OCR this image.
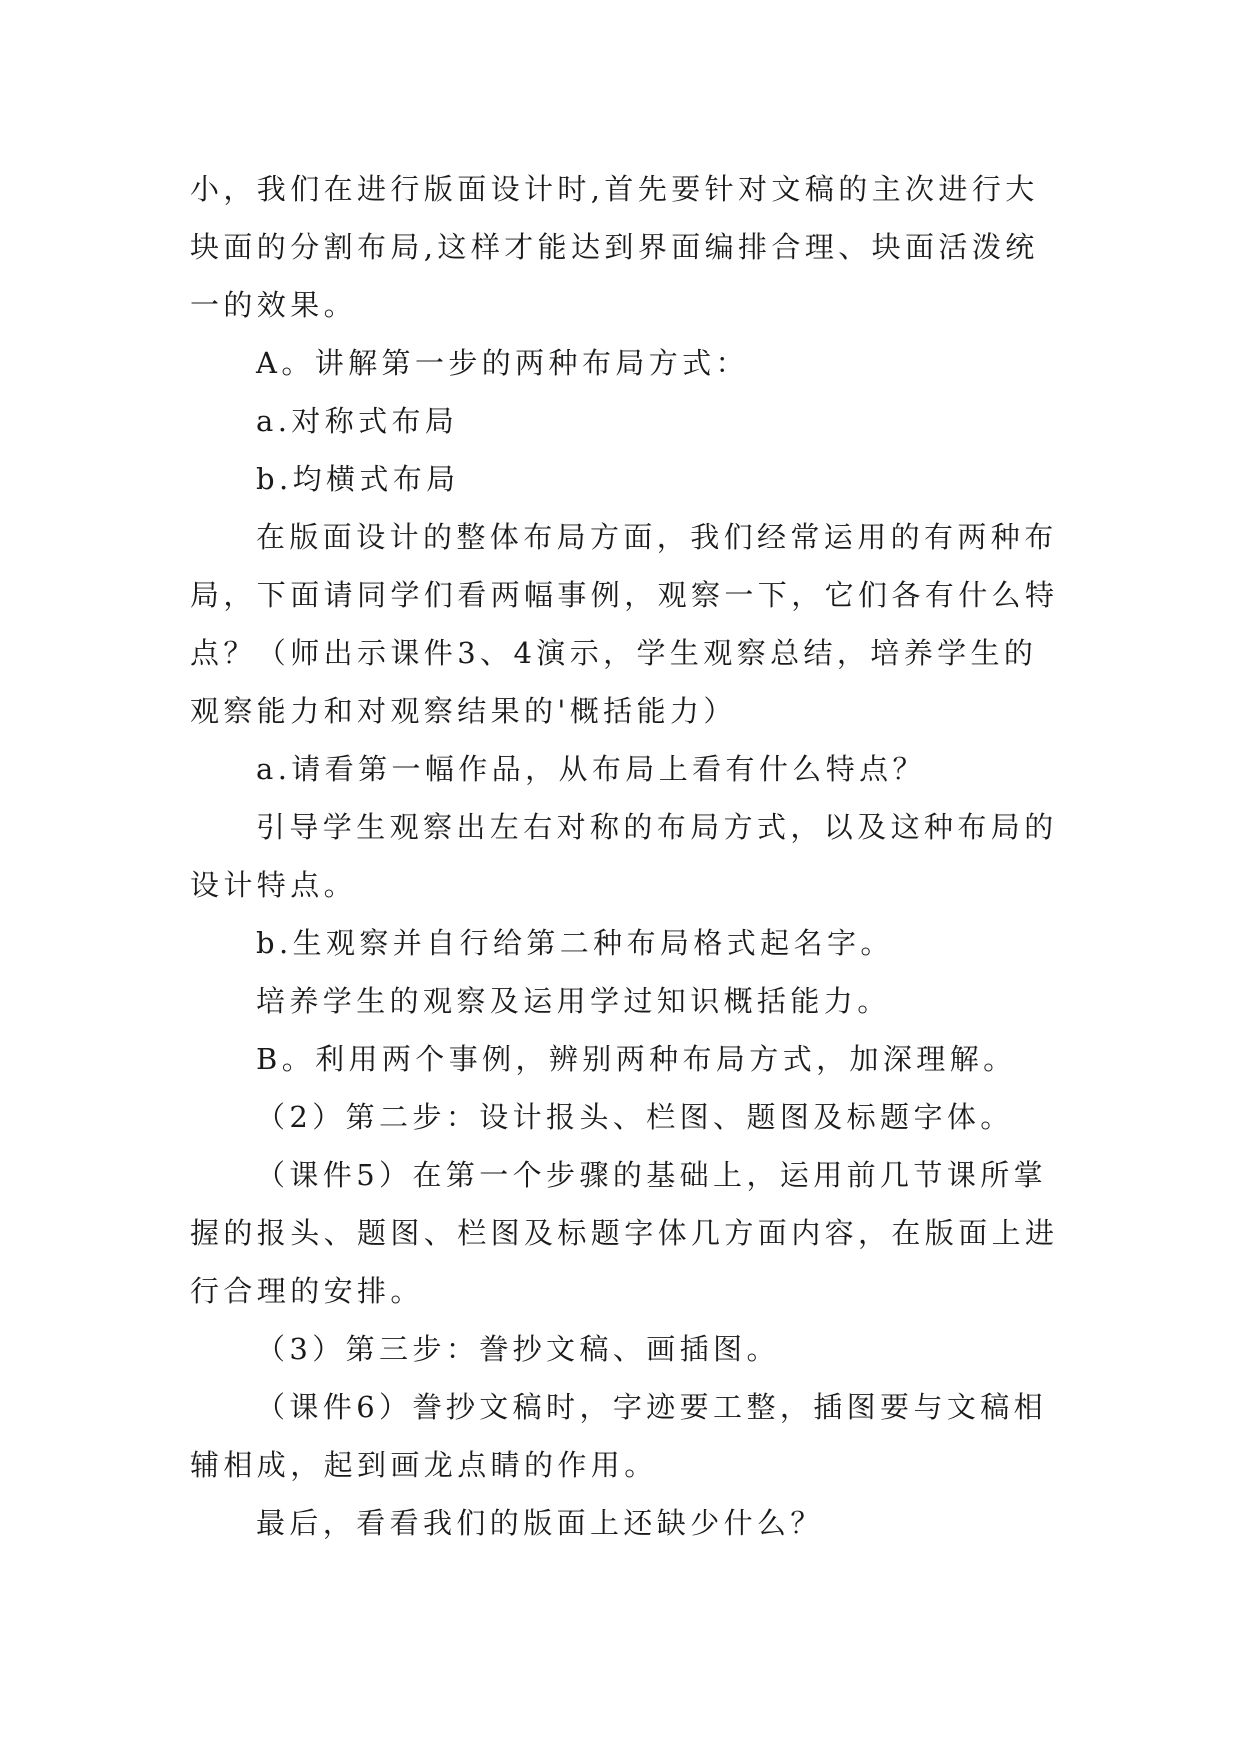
小，我们在进行版面设计时,首先要针对文稿的主次进行大块面的分割布局,这样才能达到界面编排合理、块面活泼统一的效果。

A。讲解第一步的两种布局方式：

a.对称式布局

b.均横式布局

在版面设计的整体布局方面，我们经常运用的有两种布局，下面请同学们看两幅事例，观察一下，它们各有什么特点？（师出示课件3、4演示，学生观察总结，培养学生的观察能力和对观察结果的'概括能力）

a.请看第一幅作品，从布局上看有什么特点？

引导学生观察出左右对称的布局方式，以及这种布局的设计特点。

b.生观察并自行给第二种布局格式起名字。

培养学生的观察及运用学过知识概括能力。

B。利用两个事例，辨别两种布局方式，加深理解。

（2）第二步：设计报头、栏图、题图及标题字体。

（课件5）在第一个步骤的基础上，运用前几节课所掌握的报头、题图、栏图及标题字体几方面内容，在版面上进行合理的安排。

（3）第三步：誊抄文稿、画插图。

（课件6）誊抄文稿时，字迹要工整，插图要与文稿相辅相成，起到画龙点睛的作用。

最后，看看我们的版面上还缺少什么？
